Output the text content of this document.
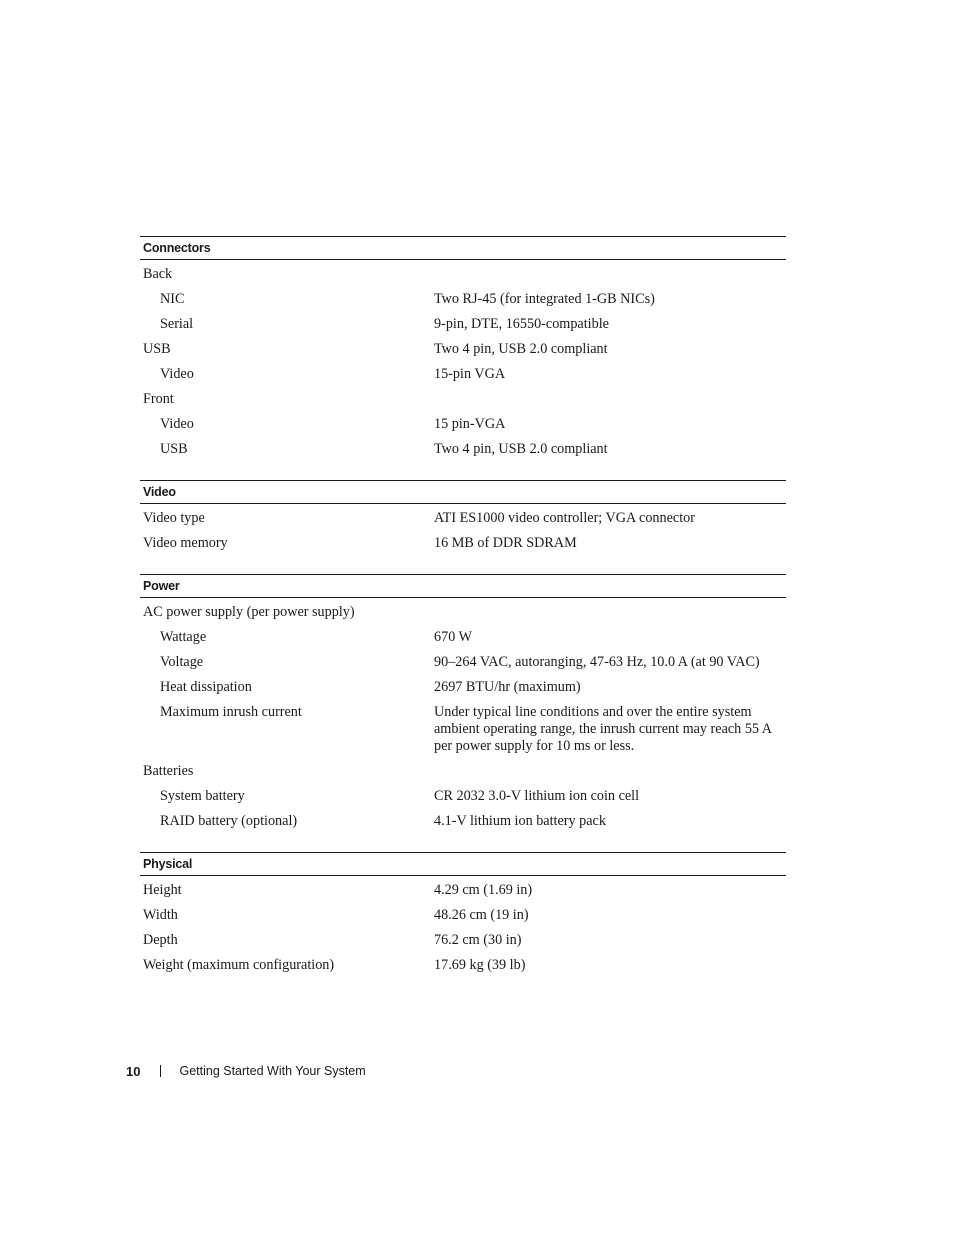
Connectors
Back
NIC	Two RJ-45 (for integrated 1-GB NICs)
Serial	9-pin, DTE, 16550-compatible
USB	Two 4 pin, USB 2.0 compliant
Video	15-pin VGA
Front
Video	15 pin-VGA
USB	Two 4 pin, USB 2.0 compliant
Video
Video type	ATI ES1000 video controller; VGA connector
Video memory	16 MB of DDR SDRAM
Power
AC power supply (per power supply)
Wattage	670 W
Voltage	90–264 VAC, autoranging, 47-63 Hz, 10.0 A (at 90 VAC)
Heat dissipation	2697 BTU/hr (maximum)
Maximum inrush current	Under typical line conditions and over the entire system ambient operating range, the inrush current may reach 55 A per power supply for 10 ms or less.
Batteries
System battery	CR 2032 3.0-V lithium ion coin cell
RAID battery (optional)	4.1-V lithium ion battery pack
Physical
Height	4.29 cm (1.69 in)
Width	48.26 cm (19 in)
Depth	76.2 cm (30 in)
Weight (maximum configuration)	17.69 kg (39 lb)
10	Getting Started With Your System
